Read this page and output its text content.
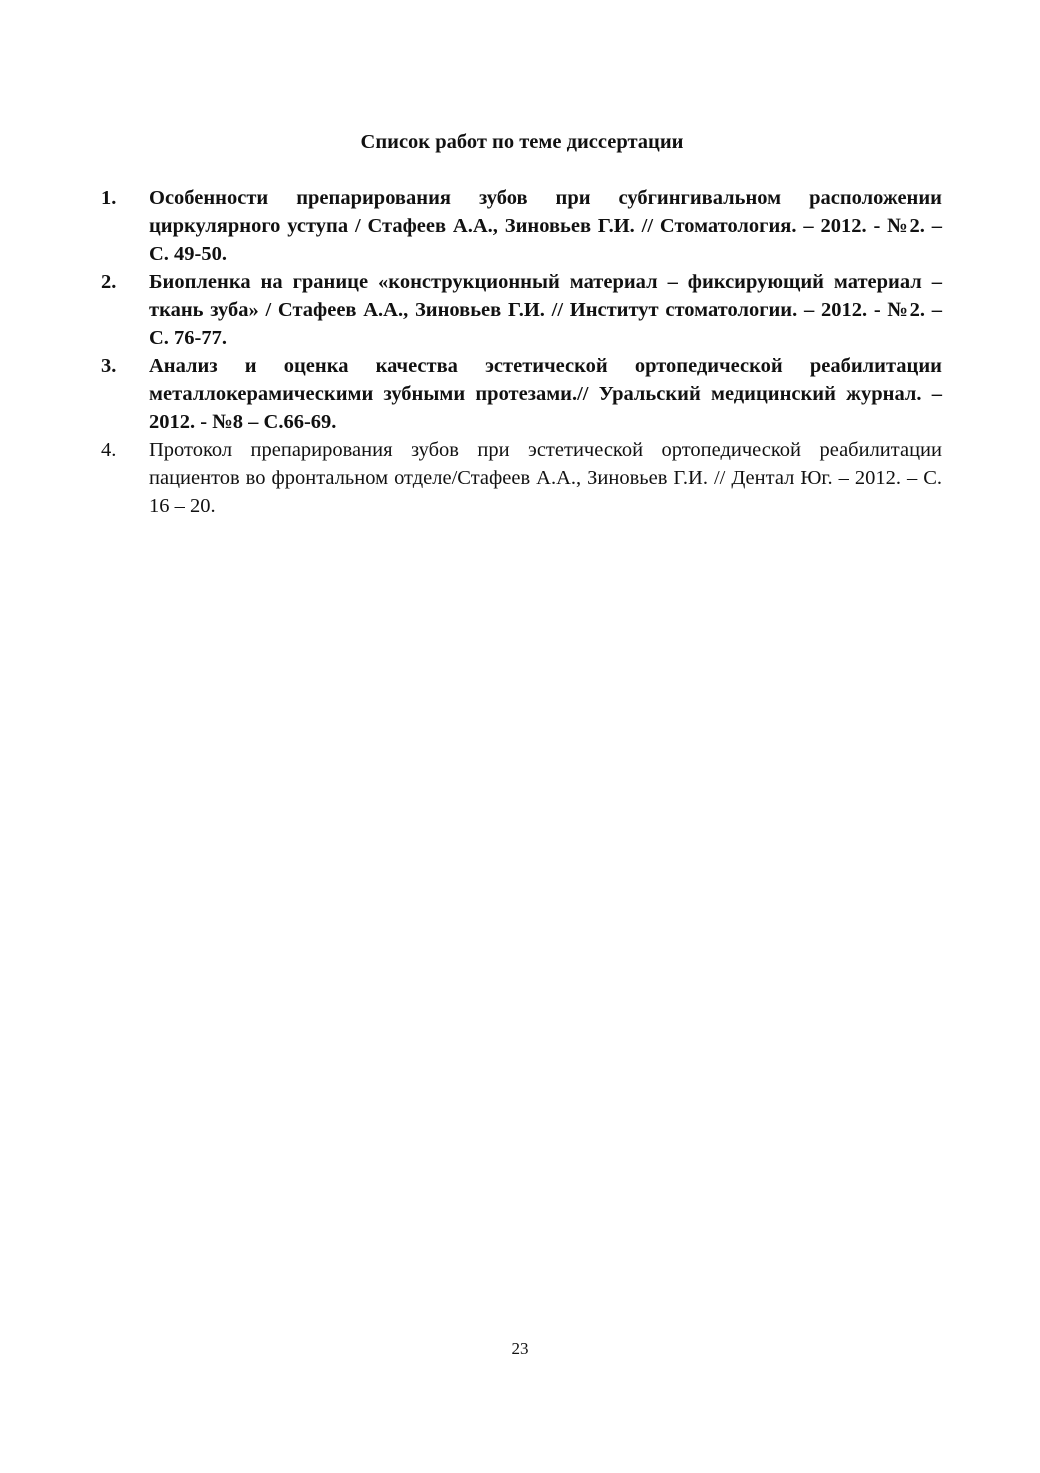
Список работ по теме диссертации
1. Особенности препарирования зубов при субгингивальном расположении циркулярного уступа / Стафеев А.А., Зиновьев Г.И. // Стоматология. – 2012. - №2. – С. 49-50.
2. Биопленка на границе «конструкционный материал – фиксирующий материал – ткань зуба» / Стафеев А.А., Зиновьев Г.И. // Институт стоматологии. – 2012. - №2. – С. 76-77.
3. Анализ и оценка качества эстетической ортопедической реабилитации металлокерамическими зубными протезами.// Уральский медицинский журнал. – 2012. - №8 – С.66-69.
4. Протокол препарирования зубов при эстетической ортопедической реабилитации пациентов во фронтальном отделе/Стафеев А.А., Зиновьев Г.И. // Дентал Юг. – 2012. – С. 16 – 20.
23
